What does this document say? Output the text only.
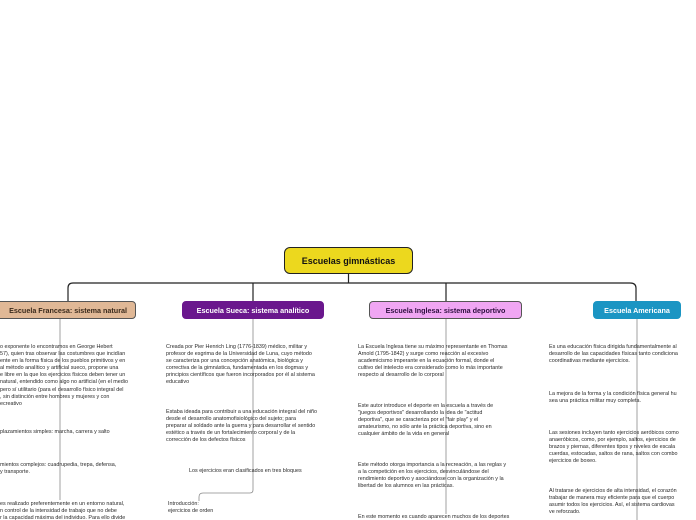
Escuelas gimnásticas
Escuela Francesa: sistema natural	Escuela Sueca: sistema analítico	Escuela Inglesa: sistema deportivo	Escuela Americana
o exponente lo encontramos en George Hebert
57), quien tras observar las costumbres que incidían
ente en la forma física de los pueblos primitivos y en
al método analítico y artificial sueco, propone una
e libre en la que los ejercicios físicos deben tener un
natural, entendido como algo no artificial (en el medio
pero sí utilitario (para el desarrollo físico integral del
, sin distinción entre hombres y mujeres y con
ecreativo
plazamientos simples: marcha, carrera y salto
mientos complejos: cuadrupedia, trepa, defensa,
y transporte.
es realizado preferentemente en un entorno natural,
n control de la intensidad de trabajo que no debe
r la capacidad máxima del individuo. Para ello divide
Creada por Pier Henrich Ling (1776-1839) médico, militar y
profesor de esgrima de la Universidad de Luna, cuyo método
se caracteriza por una concepción anatómica, biológica y
correctiva de la gimnástica, fundamentada en los dogmas y
principios científicos que fueron incorporados por él al sistema
educativo
Estaba ideada para contribuir a una educación integral del niño
desde el desarrollo anatomofisiológico del sujeto; para
preparar al soldado ante la guerra y para desarrollar el sentido
estético a través de un fortalecimiento corporal y de la
corrección de los defectos físicos
Los ejercicios eran clasificados en tres bloques
Introducción:
ejercicios de orden
La Escuela Inglesa tiene su máximo representante en Thomas
Arnold (1795-1842) y surge como reacción al excesivo
academicismo imperante en la ecuación formal, donde el
cultivo del intelecto era considerado como lo más importante
respecto al desarrollo de lo corporal
Este autor introduce el deporte en la escuela a través de
"juegos deportivos" desarrollando la idea de "actitud
deportiva", que se caracteriza por el "fair play" y el
amateurismo, no sólo ante la práctica deportiva, sino en
cualquier ámbito de la vida en general
Este método otorga importancia a la recreación, a las reglas y
a la competición en los ejercicios, desvinculándose del
rendimiento deportivo y asociándose con la organización y la
libertad de los alumnos en las prácticas.
En este momento es cuando aparecen muchos de los deportes
Es una educación física dirigida fundamentalmente al
desarrollo de las capacidades físicas tanto condiciona
coordinativas mediante ejercicios.
La mejora de la forma y la condición física general hu
sea una práctica militar muy completa.
Las sesiones incluyen tanto ejercicios aeróbicos como
anaeróbicos, como, por ejemplo, saltos, ejercicios de
brazos y piernas, diferentes tipos y niveles de escala
cuerdas, estocadas, saltos de rana, saltos con combo
ejercicios de boxeo.
Al tratarse de ejercicios de alta intensidad, el corazón
trabajar de manera muy eficiente para que el cuerpo
asumir todos los ejercicios. Así, el sistema cardiovas
ve reforzado.
